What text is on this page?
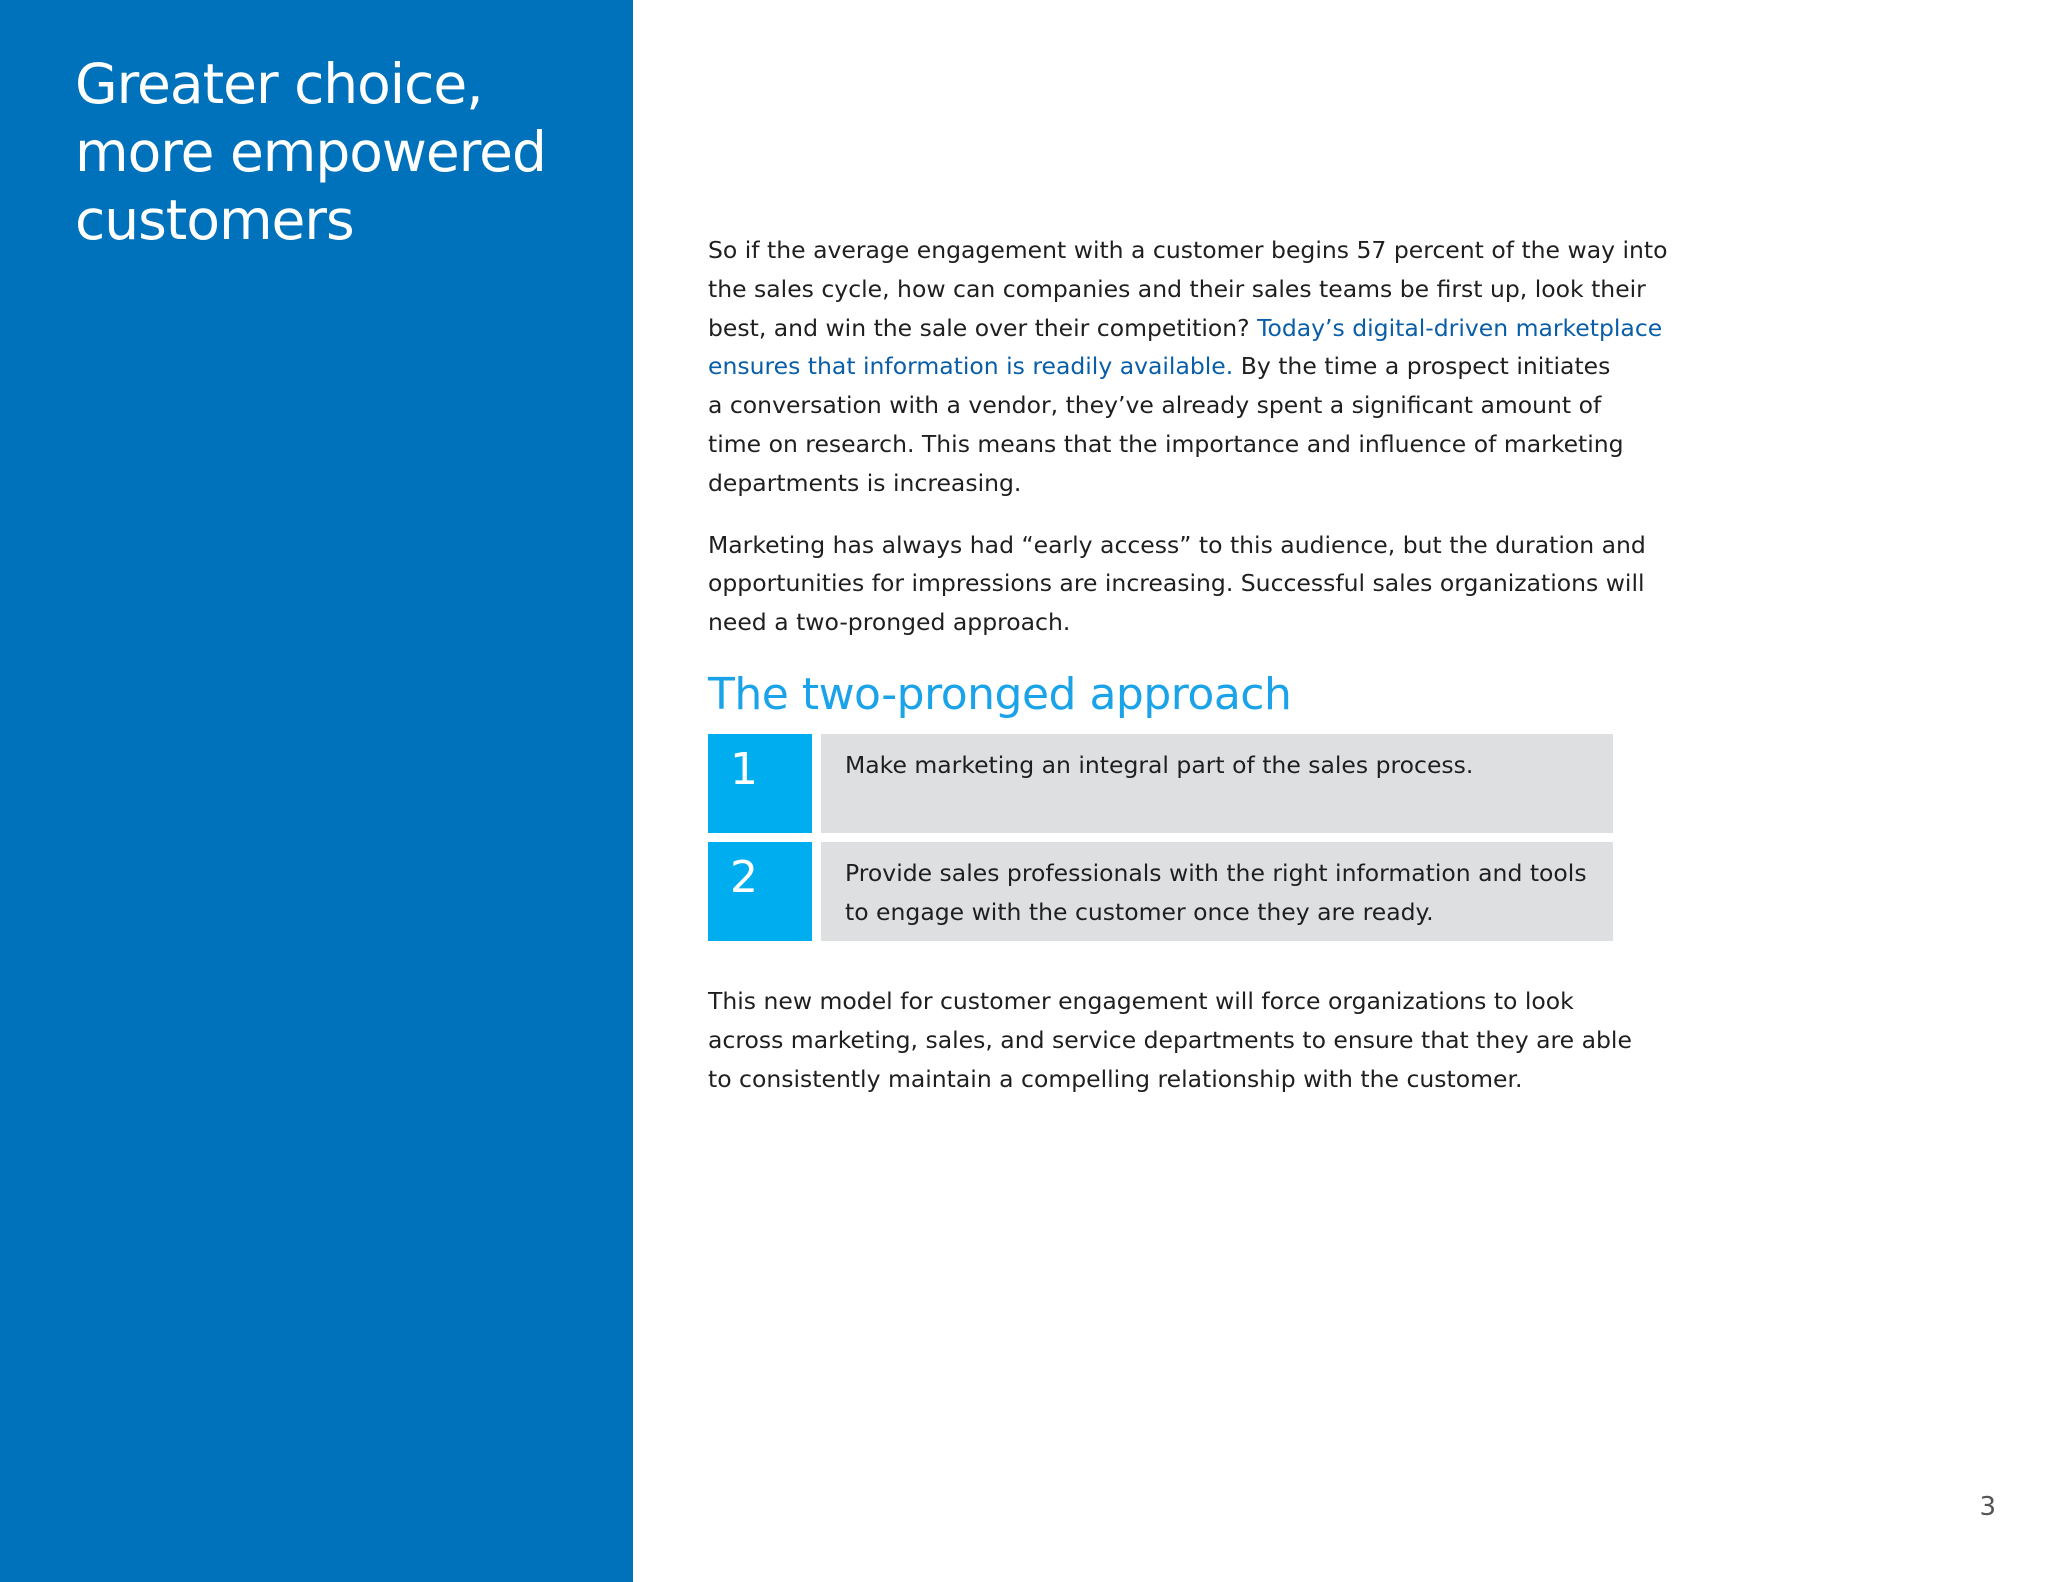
Greater choice,
more empowered
customers	So if the average engagement with a customer begins 57 percent of the way into
the sales cycle, how can companies and their sales teams be first up, look their
best, and win the sale over their competition? Today’s digital-driven marketplace
ensures that information is readily available. By the time a prospect initiates
a conversation with a vendor, they’ve already spent a significant amount of
time on research. This means that the importance and influence of marketing
departments is increasing.

Marketing has always had “early access” to this audience, but the duration and
opportunities for impressions are increasing. Successful sales organizations will
need a two-pronged approach.

The two-pronged approach
1	Make marketing an integral part of the sales process.
2	Provide sales professionals with the right information and tools
to engage with the customer once they are ready.

This new model for customer engagement will force organizations to look
across marketing, sales, and service departments to ensure that they are able
to consistently maintain a compelling relationship with the customer.

3
